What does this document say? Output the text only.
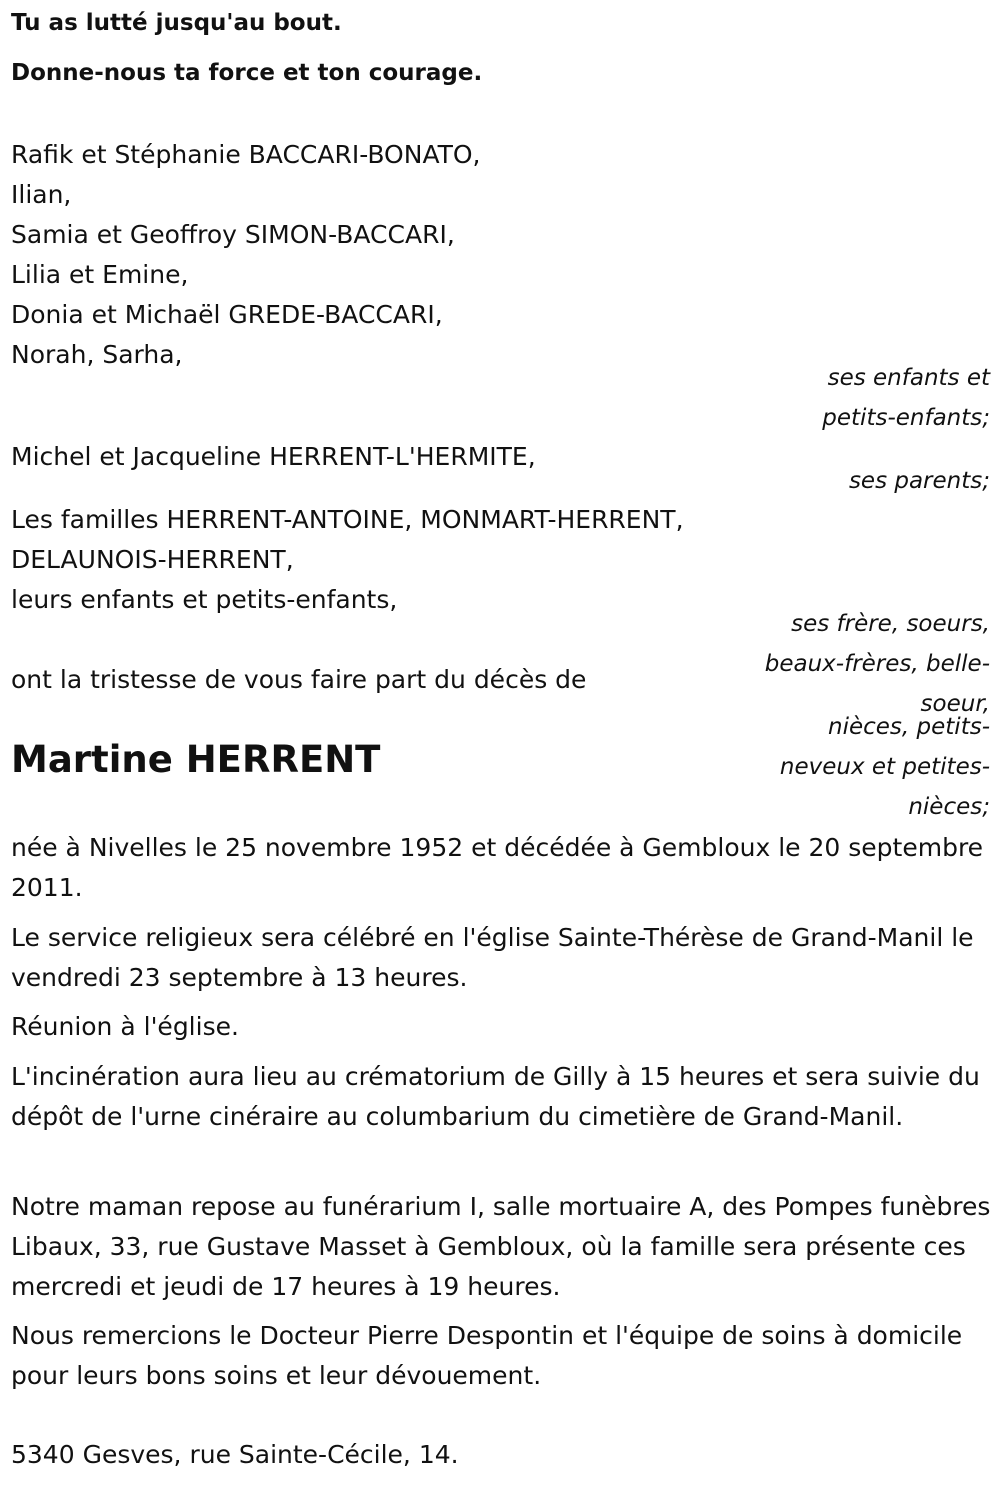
Tu as lutté jusqu'au bout.
Donne-nous ta force et ton courage.
Rafik et Stéphanie BACCARI-BONATO,
Ilian,
Samia et Geoffroy SIMON-BACCARI,
Lilia et Emine,
Donia et Michaël GREDE-BACCARI,
Norah, Sarha,
ses enfants et
petits-enfants;
Michel et Jacqueline HERRENT-L'HERMITE,
ses parents;
Les familles HERRENT-ANTOINE, MONMART-HERRENT,
DELAUNOIS-HERRENT,
leurs enfants et petits-enfants,
ses frère, soeurs,
beaux-frères, belle-
soeur,
ont la tristesse de vous faire part du décès de
nièces, petits-
neveux et petites-
nièces;
Martine HERRENT
née à Nivelles le 25 novembre 1952 et décédée à Gembloux le 20 septembre 2011.
Le service religieux sera célébré en l'église Sainte-Thérèse de Grand-Manil le vendredi 23 septembre à 13 heures.
Réunion à l'église.
L'incinération aura lieu au crématorium de Gilly à 15 heures et sera suivie du dépôt de l'urne cinéraire au columbarium du cimetière de Grand-Manil.
Notre maman repose au funérarium I, salle mortuaire A, des Pompes funèbres Libaux, 33, rue Gustave Masset à Gembloux, où la famille sera présente ces mercredi et jeudi de 17 heures à 19 heures.
Nous remercions le Docteur Pierre Despontin et l'équipe de soins à domicile pour leurs bons soins et leur dévouement.
5340 Gesves, rue Sainte-Cécile, 14.
